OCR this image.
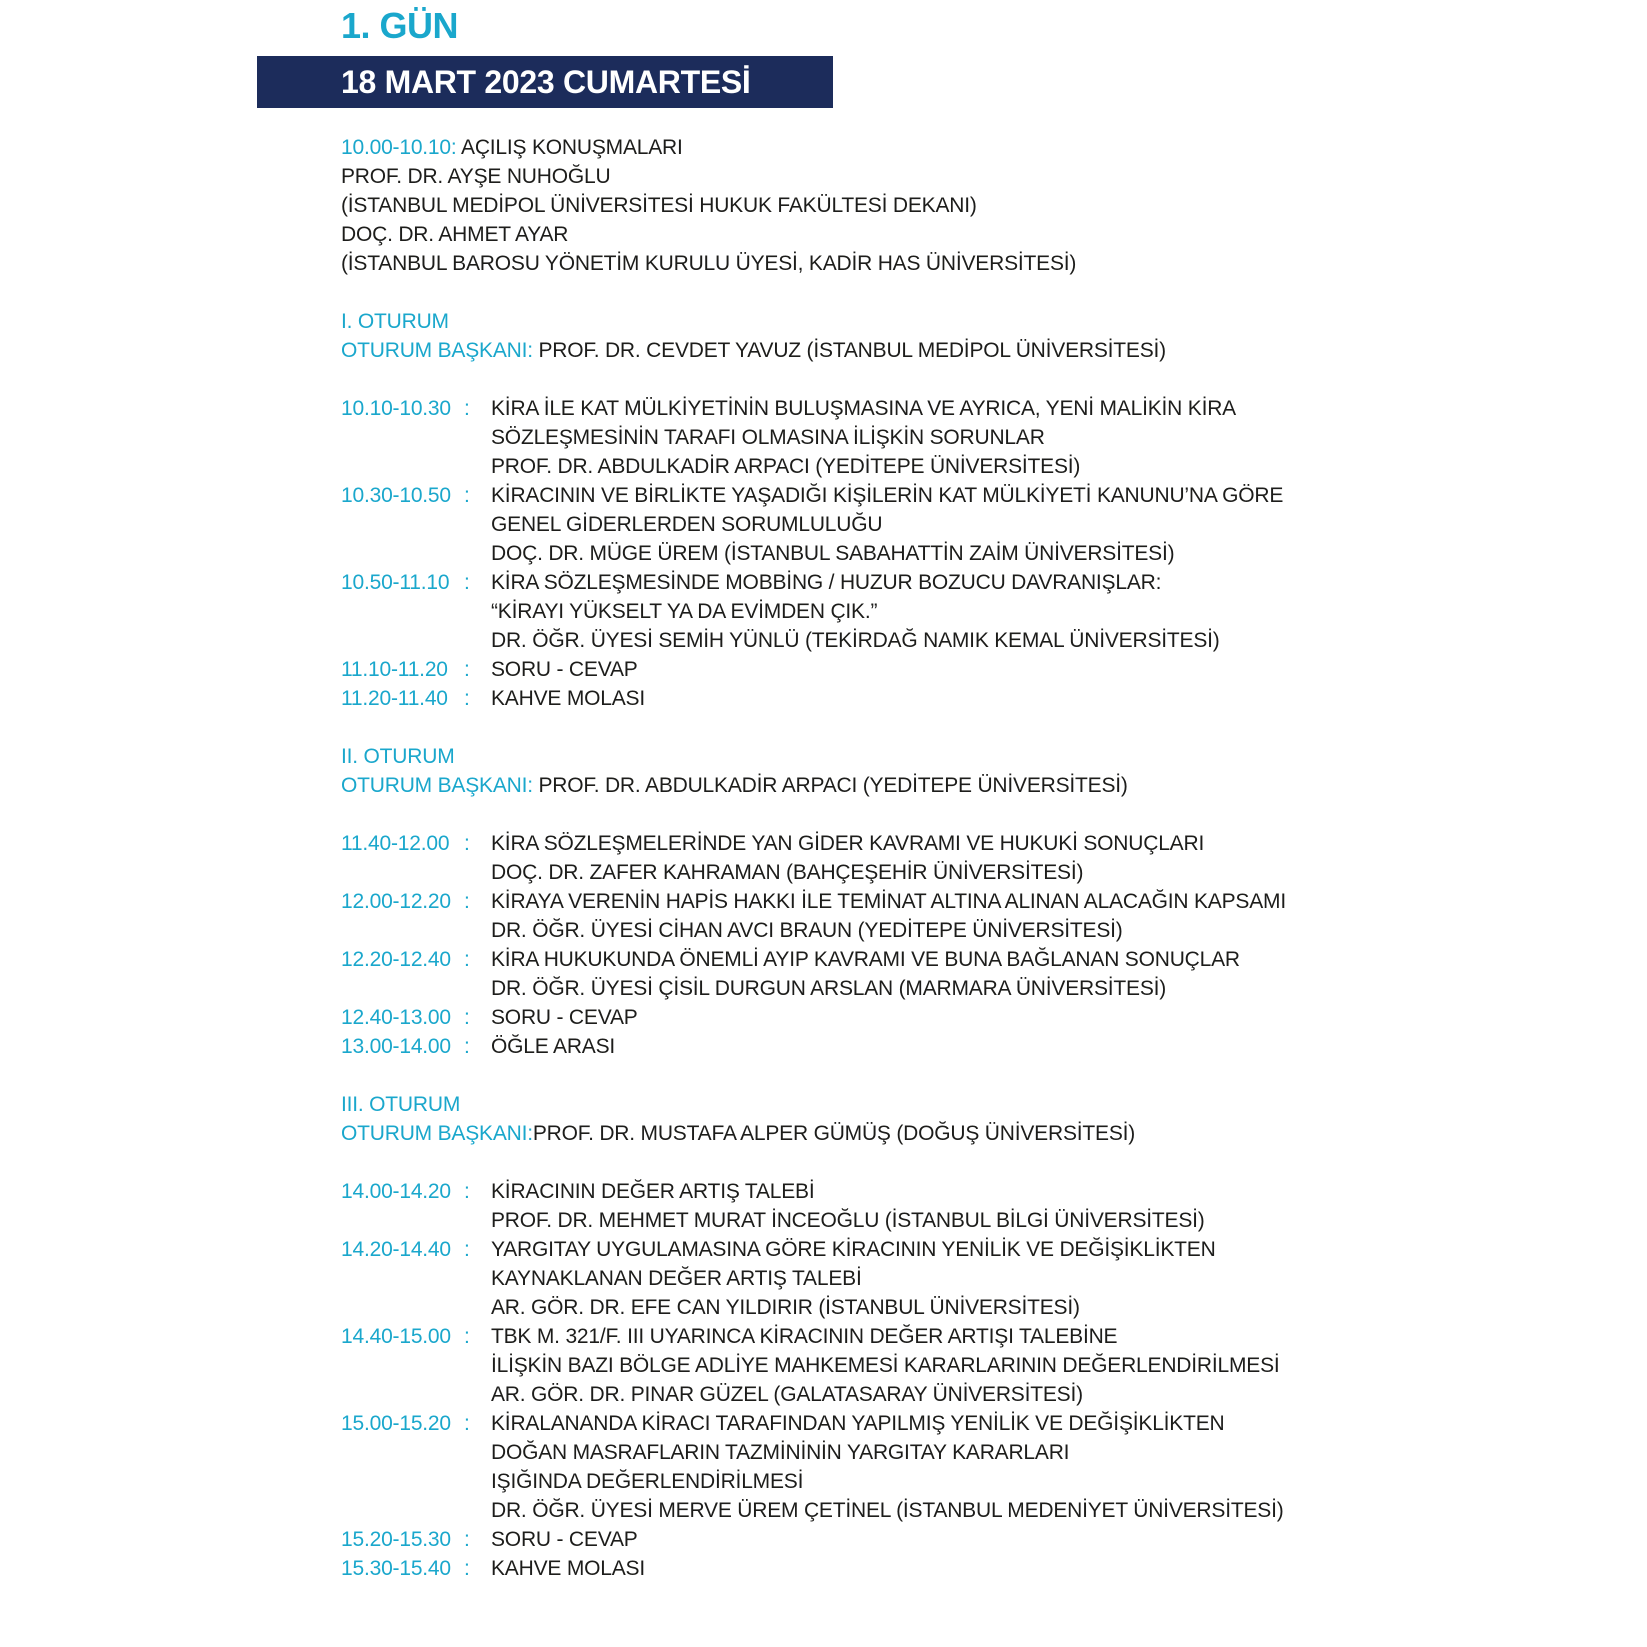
1. GÜN
18 MART 2023 CUMARTESİ
10.00-10.10: AÇILIŞ KONUŞMALARI
PROF. DR. AYŞE NUHOĞLU
(İSTANBUL MEDİPOL ÜNİVERSİTESİ HUKUK FAKÜLTESİ DEKANI)
DOÇ. DR. AHMET AYAR
(İSTANBUL BAROSU YÖNETİM KURULU ÜYESİ, KADİR HAS ÜNİVERSİTESİ)
I. OTURUM
OTURUM BAŞKANI: PROF. DR. CEVDET YAVUZ (İSTANBUL MEDİPOL ÜNİVERSİTESİ)
10.10-10.30 : KİRA İLE KAT MÜLKİYETİNİN BULUŞMASINA VE AYRICA, YENİ MALİKİN KİRA
SÖZLEŞMESİNİN TARAFI OLMASINA İLİŞKİN SORUNLAR
PROF. DR. ABDULKADİR ARPACI (YEDİTEPE ÜNİVERSİTESİ)
10.30-10.50 : KİRACININ VE BİRLİKTE YAŞADIĞI KİŞİLERİN KAT MÜLKİYETİ KANUNU’NA GÖRE
GENEL GİDERLERDEN SORUMLULUĞU
DOÇ. DR. MÜGE ÜREM (İSTANBUL SABAHATTİN ZAİM ÜNİVERSİTESİ)
10.50-11.10 : KİRA SÖZLEŞMESİNDE MOBBİNG / HUZUR BOZUCU DAVRANIŞLAR:
“KİRAYI YÜKSELT YA DA EVİMDEN ÇIK.”
DR. ÖĞR. ÜYESİ SEMİH YÜNLÜ (TEKİRDAĞ NAMIK KEMAL ÜNİVERSİTESİ)
11.10-11.20 : SORU - CEVAP
11.20-11.40 : KAHVE MOLASI
II. OTURUM
OTURUM BAŞKANI: PROF. DR. ABDULKADİR ARPACI (YEDİTEPE ÜNİVERSİTESİ)
11.40-12.00 : KİRA SÖZLEŞMELERİNDE YAN GİDER KAVRAMI VE HUKUKİ SONUÇLARI
DOÇ. DR. ZAFER KAHRAMAN (BAHÇEŞEHİR ÜNİVERSİTESİ)
12.00-12.20 : KİRAYA VERENİN HAPİS HAKKI İLE TEMİNAT ALTINA ALINAN ALACAĞIN KAPSAMI
DR. ÖĞR. ÜYESİ CİHAN AVCI BRAUN (YEDİTEPE ÜNİVERSİTESİ)
12.20-12.40 : KİRA HUKUKUNDA ÖNEMLİ AYIP KAVRAMI VE BUNA BAĞLANAN SONUÇLAR
DR. ÖĞR. ÜYESİ ÇİSİL DURGUN ARSLAN (MARMARA ÜNİVERSİTESİ)
12.40-13.00 : SORU - CEVAP
13.00-14.00 : ÖĞLE ARASI
III. OTURUM
OTURUM BAŞKANI:PROF. DR. MUSTAFA ALPER GÜMÜŞ (DOĞUŞ ÜNİVERSİTESİ)
14.00-14.20 : KİRACININ DEĞER ARTIŞ TALEBİ
PROF. DR. MEHMET MURAT İNCEOĞLU (İSTANBUL BİLGİ ÜNİVERSİTESİ)
14.20-14.40 : YARGITAY UYGULAMASINA GÖRE KİRACININ YENİLİK VE DEĞİŞİKLİKTEN
KAYNAKLANAN DEĞER ARTIŞ TALEBİ
AR. GÖR. DR. EFE CAN YILDIRIR (İSTANBUL ÜNİVERSİTESİ)
14.40-15.00 : TBK M. 321/F. III UYARINCA KİRACININ DEĞER ARTIŞI TALEBİNE
İLİŞKİN BAZI BÖLGE ADLİYE MAHKEMESİ KARARLARININ DEĞERLENDİRİLMESİ
AR. GÖR. DR. PINAR GÜZEL (GALATASARAY ÜNİVERSİTESİ)
15.00-15.20 : KİRALANANDA KİRACI TARAFINDAN YAPILMIŞ YENİLİK VE DEĞİŞİKLİKTEN
DOĞAN MASRAFLARIN TAZMİNİNİN YARGITAY KARARLARI
IŞIĞINDA DEĞERLENDİRİLMESİ
DR. ÖĞR. ÜYESİ MERVE ÜREM ÇETİNEL (İSTANBUL MEDENİYET ÜNİVERSİTESİ)
15.20-15.30 : SORU - CEVAP
15.30-15.40 : KAHVE MOLASI
